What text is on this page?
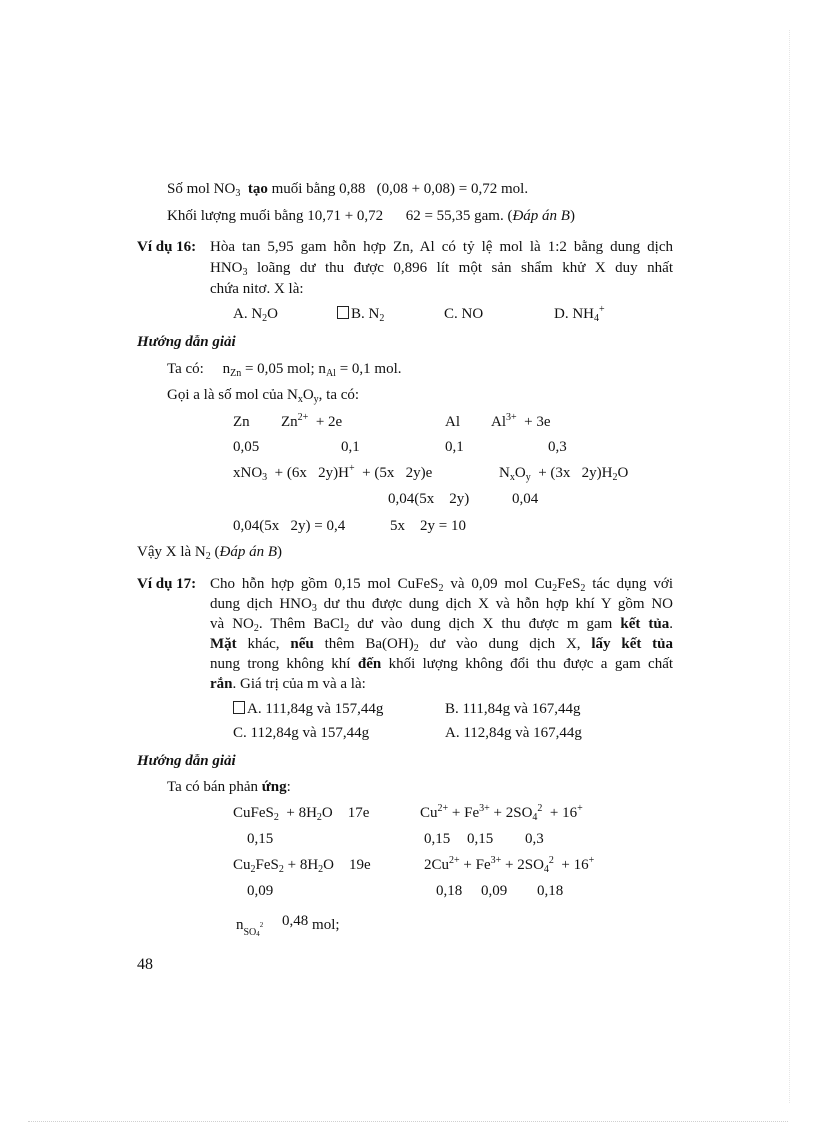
Số mol $NO_3$ tạo muối bằng 0,88 (0,08 + 0,08) = 0,72 mol.
Khối lượng muối bằng 10,71 + 0,72 62 = 55,35 gam. (Đáp án B)
Ví dụ 16: Hòa tan 5,95 gam hỗn hợp Zn, Al có tỷ lệ mol là 1:2 bằng dung dịch
$HNO_3$ loãng dư thu được 0,896 lít một sản shẩm khử X duy nhất
chứa nitơ. X là:
A. $N_2O$	B. $N_2$	C. NO	D. $NH_4^+$
Hướng dẫn giải
Ta có: $n_{Zn} = 0,05$ mol; $n_{Al} = 0,1$ mol.
Gọi a là số mol của $N_xO_y$, ta có:
Zn $Zn^{2+} + 2e$	Al $Al^{3+} + 3e$
0,05	0,1	0,1	0,3
xNO$_3$ + (6x 2y)H+ + (5x 2y)e	$N_xO_y + (3x$ $2y)H_2O$
0,04(5x 2y)	0,04
0,04(5x 2y) = 0,4	5x 2y = 10
Vậy X là $N_2$ (Đáp án B)
Ví dụ 17: Cho hỗn hợp gồm 0,15 mol CuFeS$_2$ và 0,09 mol $Cu_2FeS_2$ tác dụng với
dung dịch $HNO_3$ dư thu được dung dịch X và hỗn hợp khí Y gồm NO
và $NO_2$. Thêm BaCl$_2$ dư vào dung dịch X thu được m gam kết tủa.
Mặt khác, nếu thêm $Ba(OH)_2$ dư vào dung dịch X, lấy kết tủa
nung trong không khí đến khối lượng không đổi thu được a gam chất
rắn. Giá trị của m và a là:
A. 111,84g và 157,44g	B. 111,84g và 167,44g
C. 112,84g và 157,44g	A. 112,84g và 167,44g
Hướng dẫn giải
Ta có bán phản ứng:
CuFeS$_2$ + $8H_2O$ 17e	$Cu^{2+} + Fe^{3+} + 2SO_4^2 + 16^+$
0,15	0,15 0,15 0,3
$Cu_2FeS_2 + 8H_2O$ 19e	$2Cu^{2+} + Fe^{3+} + 2SO_4^2 + 16^+$
0,09	0,18 0,09 0,18
$n_{SO4^2}$ 0,48 mol;
48
